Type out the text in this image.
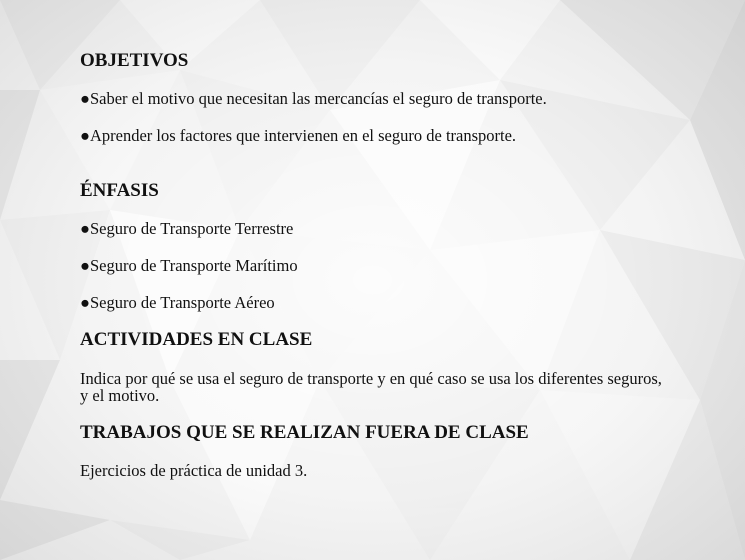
OBJETIVOS
●Saber el motivo que necesitan las mercancías el seguro de transporte.
●Aprender los factores que intervienen en el seguro de transporte.
ÉNFASIS
●Seguro de Transporte Terrestre
●Seguro de Transporte Marítimo
●Seguro de Transporte Aéreo
ACTIVIDADES EN CLASE
Indica por qué se usa el seguro de transporte y en qué caso se usa los diferentes seguros, y el motivo.
TRABAJOS QUE SE REALIZAN FUERA DE CLASE
Ejercicios de práctica de unidad 3.
